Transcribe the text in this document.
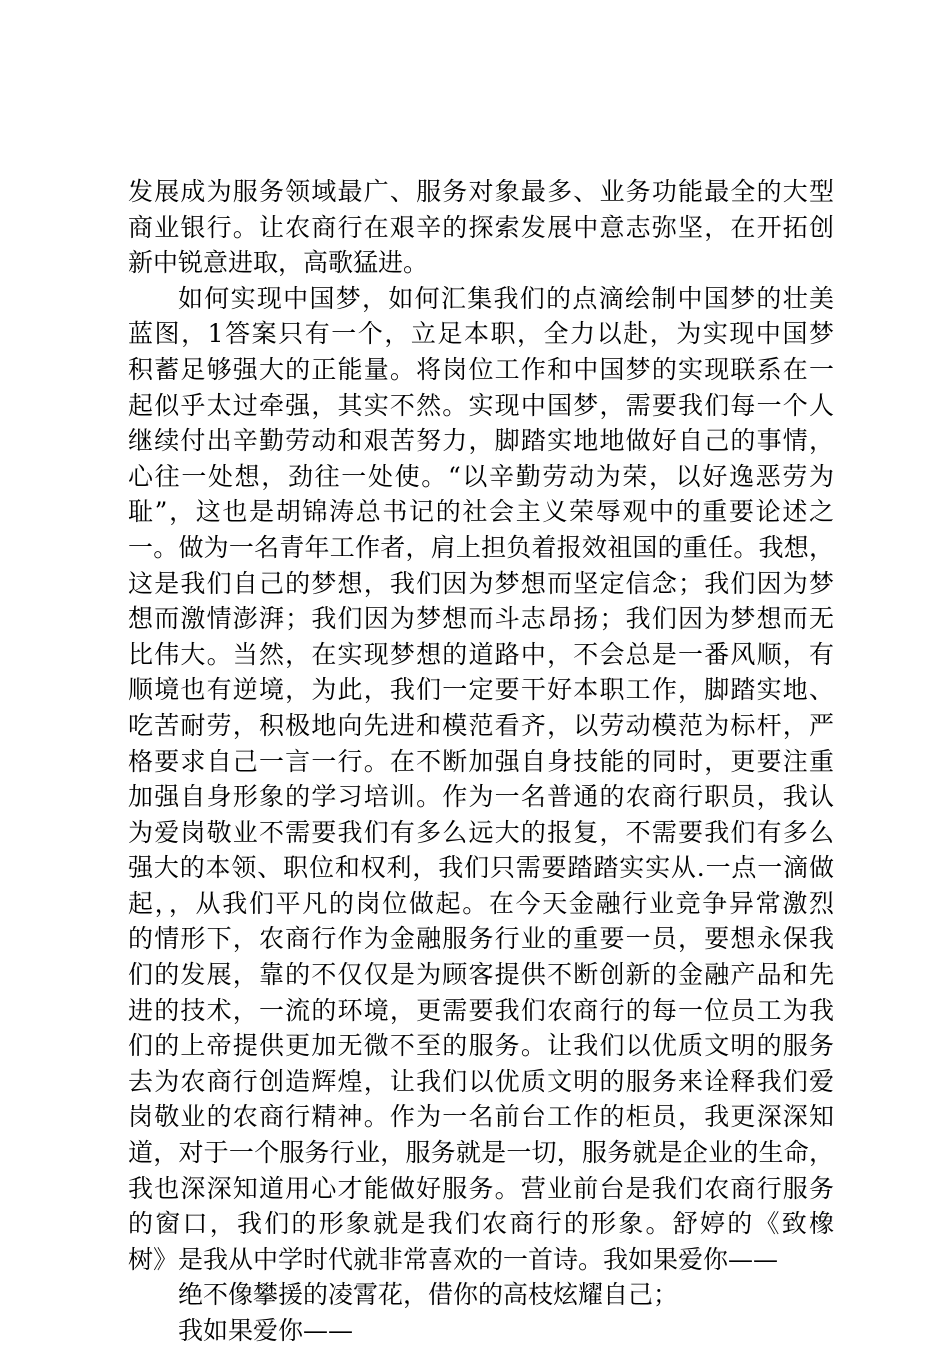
发展成为服务领域最广、服务对象最多、业务功能最全的大型
商业银行。让农商行在艰辛的探索发展中意志弥坚，在开拓创
新中锐意进取，高歌猛进。
如何实现中国梦，如何汇集我们的点滴绘制中国梦的壮美
蓝图，1答案只有一个，立足本职，全力以赴，为实现中国梦
积蓄足够强大的正能量。将岗位工作和中国梦的实现联系在一
起似乎太过牵强，其实不然。实现中国梦，需要我们每一个人
继续付出辛勤劳动和艰苦努力，脚踏实地地做好自己的事情，
心往一处想，劲往一处使。“以辛勤劳动为荣，以好逸恶劳为
耻”，这也是胡锦涛总书记的社会主义荣辱观中的重要论述之
一。做为一名青年工作者，肩上担负着报效祖国的重任。我想，
这是我们自己的梦想，我们因为梦想而坚定信念；我们因为梦
想而激情澎湃；我们因为梦想而斗志昂扬；我们因为梦想而无
比伟大。当然，在实现梦想的道路中，不会总是一番风顺，有
顺境也有逆境，为此，我们一定要干好本职工作，脚踏实地、
吃苦耐劳，积极地向先进和模范看齐，以劳动模范为标杆，严
格要求自己一言一行。在不断加强自身技能的同时，更要注重
加强自身形象的学习培训。作为一名普通的农商行职员，我认
为爱岗敬业不需要我们有多么远大的报复，不需要我们有多么
强大的本领、职位和权利，我们只需要踏踏实实从.一点一滴做
起，，从我们平凡的岗位做起。在今天金融行业竞争异常激烈
的情形下，农商行作为金融服务行业的重要一员，要想永保我
们的发展，靠的不仅仅是为顾客提供不断创新的金融产品和先
进的技术，一流的环境，更需要我们农商行的每一位员工为我
们的上帝提供更加无微不至的服务。让我们以优质文明的服务
去为农商行创造辉煌，让我们以优质文明的服务来诠释我们爱
岗敬业的农商行精神。作为一名前台工作的柜员，我更深深知
道，对于一个服务行业，服务就是一切，服务就是企业的生命，
我也深深知道用心才能做好服务。营业前台是我们农商行服务
的窗口，我们的形象就是我们农商行的形象。舒婷的《致橡
树》是我从中学时代就非常喜欢的一首诗。我如果爱你——
绝不像攀援的凌霄花，借你的高枝炫耀自己；
我如果爱你——
